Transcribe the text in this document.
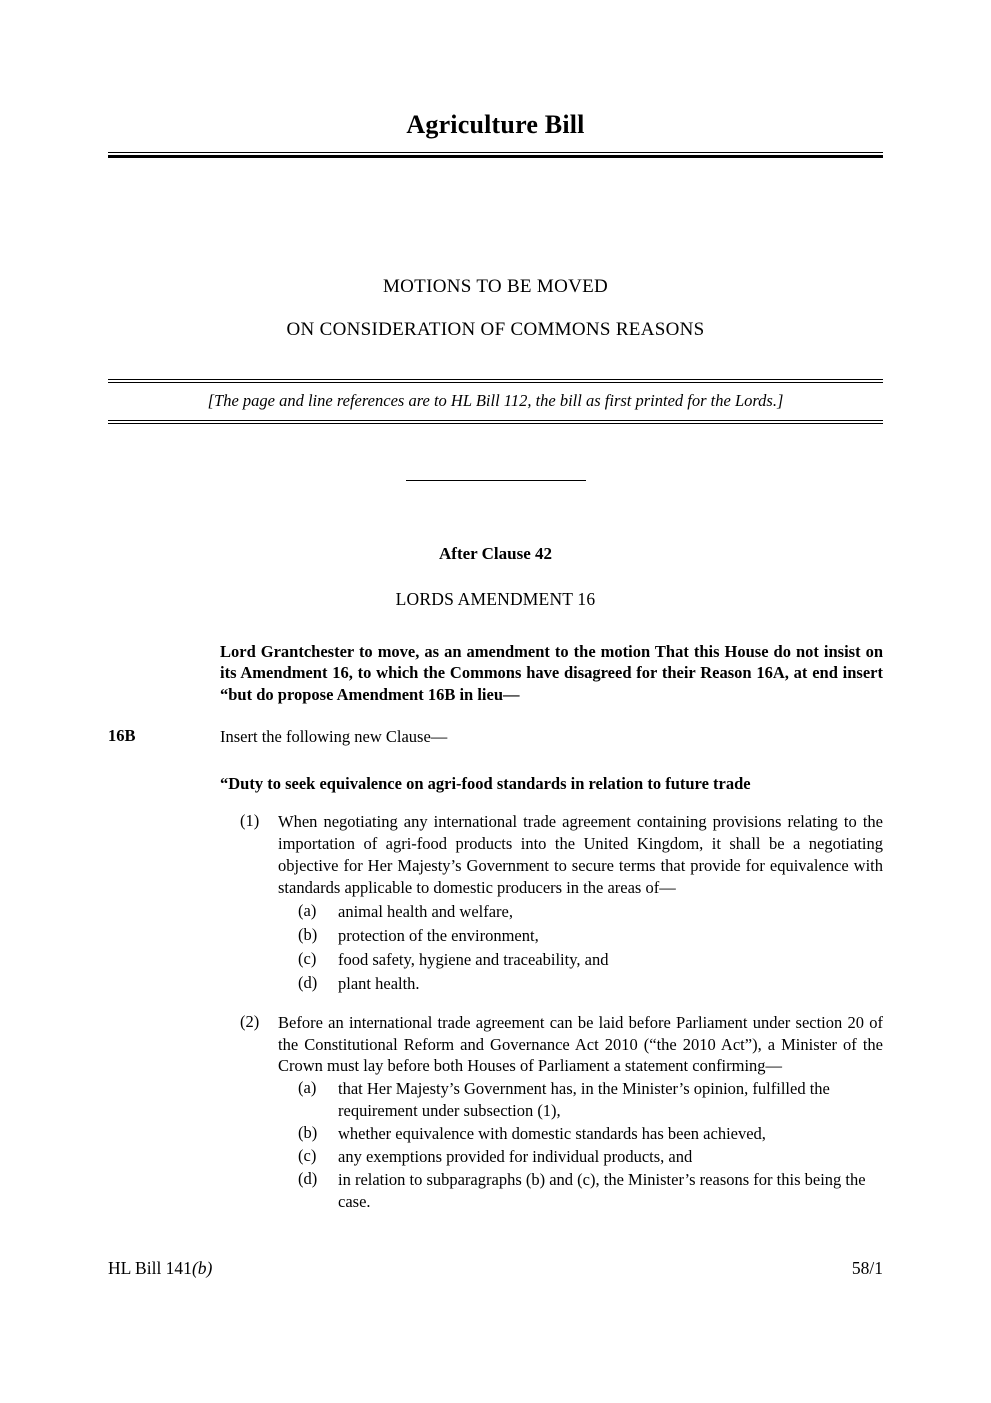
Agriculture Bill
MOTIONS TO BE MOVED
ON CONSIDERATION OF COMMONS REASONS
[The page and line references are to HL Bill 112, the bill as first printed for the Lords.]
After Clause 42
LORDS AMENDMENT 16
Lord Grantchester to move, as an amendment to the motion That this House do not insist on its Amendment 16, to which the Commons have disagreed for their Reason 16A, at end insert “but do propose Amendment 16B in lieu—
16B	Insert the following new Clause—
“Duty to seek equivalence on agri-food standards in relation to future trade
(1)	When negotiating any international trade agreement containing provisions relating to the importation of agri-food products into the United Kingdom, it shall be a negotiating objective for Her Majesty’s Government to secure terms that provide for equivalence with standards applicable to domestic producers in the areas of—
(a)	animal health and welfare,
(b)	protection of the environment,
(c)	food safety, hygiene and traceability, and
(d)	plant health.
(2)	Before an international trade agreement can be laid before Parliament under section 20 of the Constitutional Reform and Governance Act 2010 (“the 2010 Act”), a Minister of the Crown must lay before both Houses of Parliament a statement confirming—
(a)	that Her Majesty’s Government has, in the Minister’s opinion, fulfilled the requirement under subsection (1),
(b)	whether equivalence with domestic standards has been achieved,
(c)	any exemptions provided for individual products, and
(d)	in relation to subparagraphs (b) and (c), the Minister’s reasons for this being the case.
HL Bill 141(b)	58/1
